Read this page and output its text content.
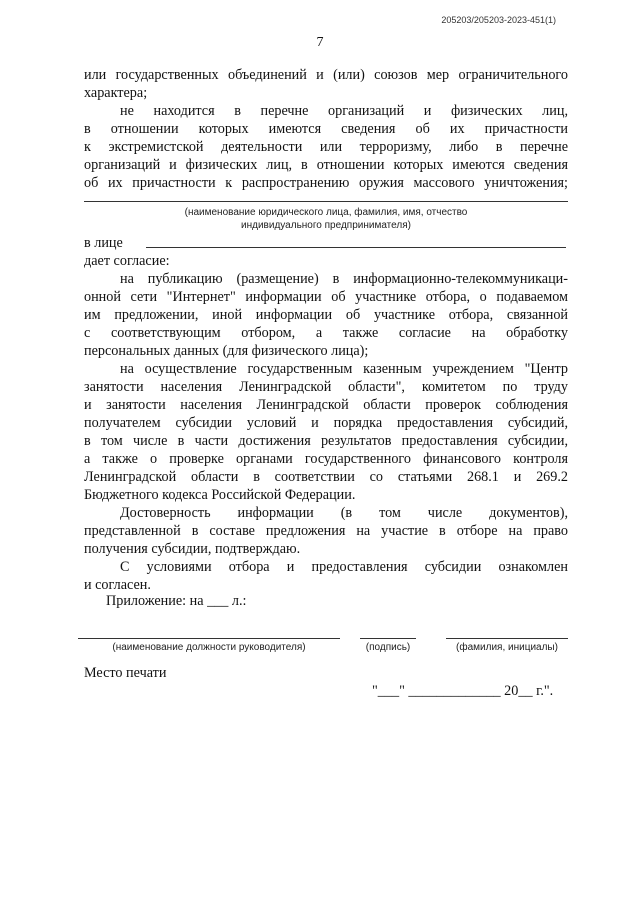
205203/205203-2023-451(1)
7
или государственных объединений и (или) союзов мер ограничительного
характера;
не находится в перечне организаций и физических лиц,
в отношении которых имеются сведения об их причастности
к экстремистской деятельности или терроризму, либо в перечне
организаций и физических лиц, в отношении которых имеются сведения
об их причастности к распространению оружия массового уничтожения;
(наименование юридического лица, фамилия, имя, отчество
индивидуального предпринимателя)
в лице
дает согласие:
на публикацию (размещение) в информационно-телекоммуникаци-
онной сети "Интернет" информации об участнике отбора, о подаваемом
им предложении, иной информации об участнике отбора, связанной
с соответствующим отбором, а также согласие на обработку
персональных данных (для физического лица);
на осуществление государственным казенным учреждением "Центр
занятости населения Ленинградской области", комитетом по труду
и занятости населения Ленинградской области проверок соблюдения
получателем субсидии условий и порядка предоставления субсидий,
в том числе в части достижения результатов предоставления субсидии,
а также о проверке органами государственного финансового контроля
Ленинградской области в соответствии со статьями 268.1 и 269.2
Бюджетного кодекса Российской Федерации.
Достоверность информации (в том числе документов),
представленной в составе предложения на участие в отборе на право
получения субсидии, подтверждаю.
С условиями отбора и предоставления субсидии ознакомлен
и согласен.
Приложение: на ___ л.:
(наименование должности руководителя)	(подпись)	(фамилия, инициалы)
Место печати
"___" _____________ 20__ г.".
